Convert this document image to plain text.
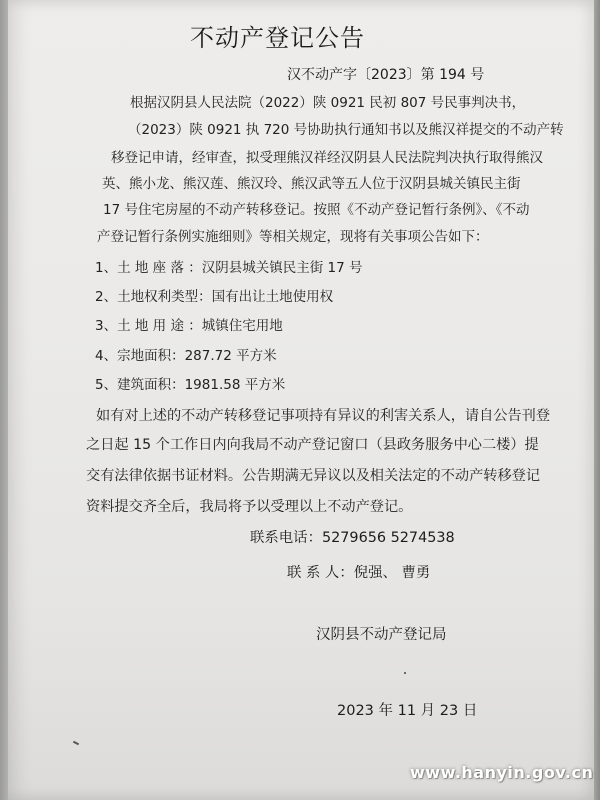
不动产登记公告
汉不动产字〔2023〕第 194 号
根据汉阴县人民法院（2022）陕 0921 民初 807 号民事判决书，
（2023）陕 0921 执 720 号协助执行通知书以及熊汉祥提交的不动产转
移登记申请，经审查，拟受理熊汉祥经汉阴县人民法院判决执行取得熊汉
英、熊小龙、熊汉莲、熊汉玲、熊汉武等五人位于汉阴县城关镇民主街
17 号住宅房屋的不动产转移登记。按照《不动产登记暂行条例》、《不动
产登记暂行条例实施细则》等相关规定，现将有关事项公告如下：
1、土 地 座 落 ：汉阴县城关镇民主街 17 号
2、土地权利类型：国有出让土地使用权
3、土 地 用 途 ：城镇住宅用地
4、宗地面积：287.72 平方米
5、建筑面积：1981.58 平方米
如有对上述的不动产转移登记事项持有异议的利害关系人，请自公告刊登
之日起 15 个工作日内向我局不动产登记窗口（县政务服务中心二楼）提
交有法律依据书证材料。公告期满无异议以及相关法定的不动产转移登记
资料提交齐全后，我局将予以受理以上不动产登记。
联系电话：5279656 5274538
联 系 人：倪强、 曹勇
汉阴县不动产登记局
2023 年 11 月 23 日
www.hanyin.gov.cn
